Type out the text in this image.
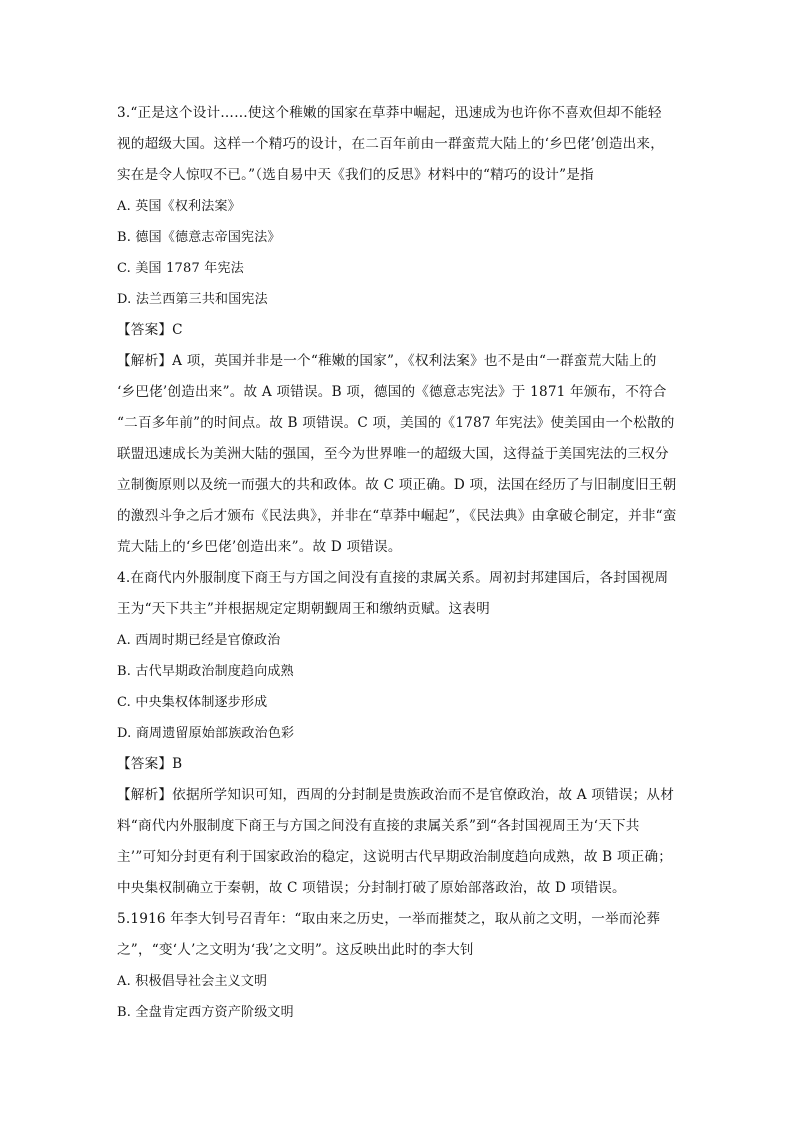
3.“正是这个设计……使这个稚嫩的国家在草莽中崛起，迅速成为也许你不喜欢但却不能轻
视的超级大国。这样一个精巧的设计，在二百年前由一群蛮荒大陆上的‘乡巴佬’创造出来，
实在是令人惊叹不已。”（选自易中天《我们的反思》材料中的“精巧的设计”是指
A. 英国《权利法案》
B. 德国《德意志帝国宪法》
C. 美国 1787 年宪法
D. 法兰西第三共和国宪法
【答案】C
【解析】A 项，英国并非是一个“稚嫩的国家”，《权利法案》也不是由“一群蛮荒大陆上的
‘乡巴佬’创造出来”。故 A 项错误。B 项，德国的《德意志宪法》于 1871 年颁布，不符合
“二百多年前”的时间点。故 B 项错误。C 项，美国的《1787 年宪法》使美国由一个松散的
联盟迅速成长为美洲大陆的强国，至今为世界唯一的超级大国，这得益于美国宪法的三权分
立制衡原则以及统一而强大的共和政体。故 C 项正确。D 项，法国在经历了与旧制度旧王朝
的激烈斗争之后才颁布《民法典》，并非在“草莽中崛起”，《民法典》由拿破仑制定，并非“蛮
荒大陆上的‘乡巴佬’创造出来”。故 D 项错误。
4.在商代内外服制度下商王与方国之间没有直接的隶属关系。周初封邦建国后，各封国视周
王为“天下共主”并根据规定定期朝觐周王和缴纳贡赋。这表明
A. 西周时期已经是官僚政治
B. 古代早期政治制度趋向成熟
C. 中央集权体制逐步形成
D. 商周遗留原始部族政治色彩
【答案】B
【解析】依据所学知识可知，西周的分封制是贵族政治而不是官僚政治，故 A 项错误；从材
料“商代内外服制度下商王与方国之间没有直接的隶属关系”到“各封国视周王为‘天下共
主’”可知分封更有利于国家政治的稳定，这说明古代早期政治制度趋向成熟，故 B 项正确；
中央集权制确立于秦朝，故 C 项错误；分封制打破了原始部落政治，故 D 项错误。
5.1916 年李大钊号召青年：“取由来之历史，一举而摧焚之，取从前之文明，一举而沦葬
之”，“变‘人’之文明为‘我’之文明”。这反映出此时的李大钊
A. 积极倡导社会主义文明
B. 全盘肯定西方资产阶级文明
